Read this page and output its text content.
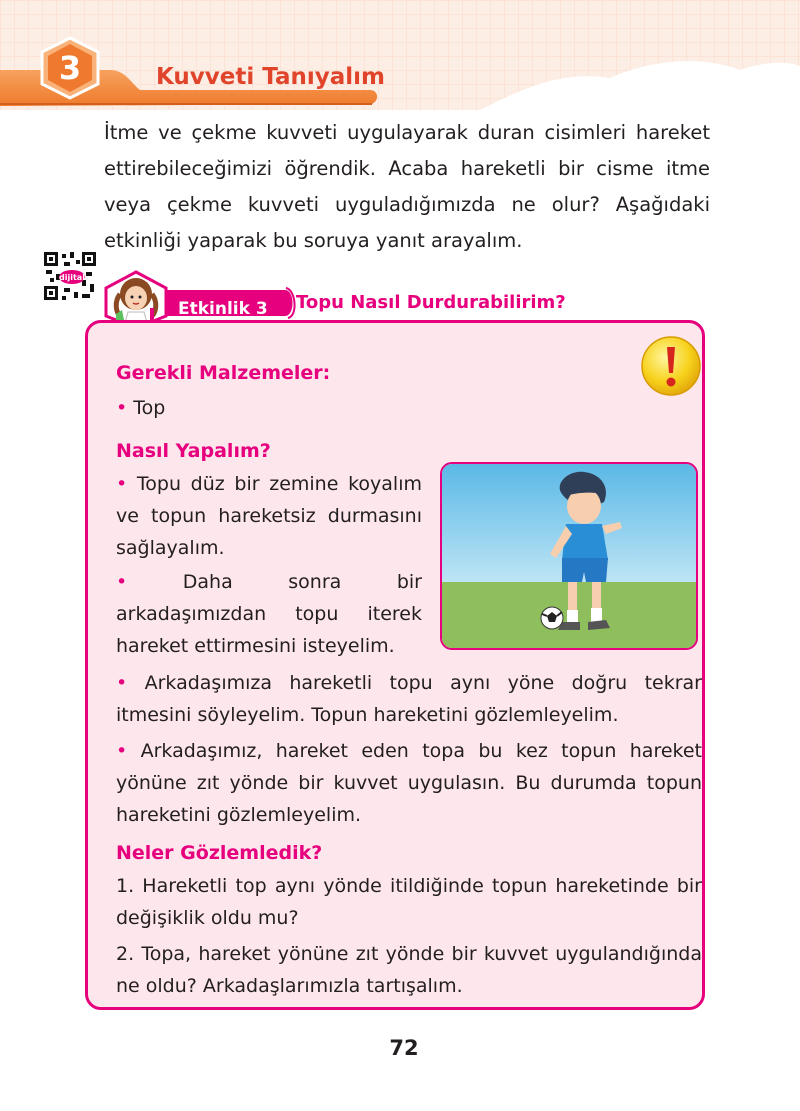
3	Kuvveti Tanıyalım

İtme ve çekme kuvveti uygulayarak duran cisimleri hareket ettirebileceğimizi öğrendik. Acaba hareketli bir cisme itme veya çekme kuvveti uyguladığımızda ne olur? Aşağıdaki etkinliği yaparak bu soruya yanıt arayalım.

dijital
Etkinlik 3 Topu Nasıl Durdurabilirim?
Gerekli Malzemeler:

• Top

Nasıl Yapalım?

• Topu düz bir zemine koyalım ve topun hareketsiz durmasını sağlayalım.

•	Daha sonra bir arkadaşımızdan topu iterek hareket ettirmesini isteyelim.

• Arkadaşımıza hareketli topu aynı yöne doğru tekrar itmesini söyleyelim. Topun hareketini gözlemleyelim.

• Arkadaşımız, hareket eden topa bu kez topun hareket yönüne zıt yönde bir kuvvet uygulasın. Bu durumda topun hareketini gözlemleyelim.

Neler Gözlemledik?

1. Hareketli top aynı yönde itildiğinde topun hareketinde bir değişiklik oldu mu?

2. Topa, hareket yönüne zıt yönde bir kuvvet uygulandığında ne oldu? Arkadaşlarımızla tartışalım.

72
